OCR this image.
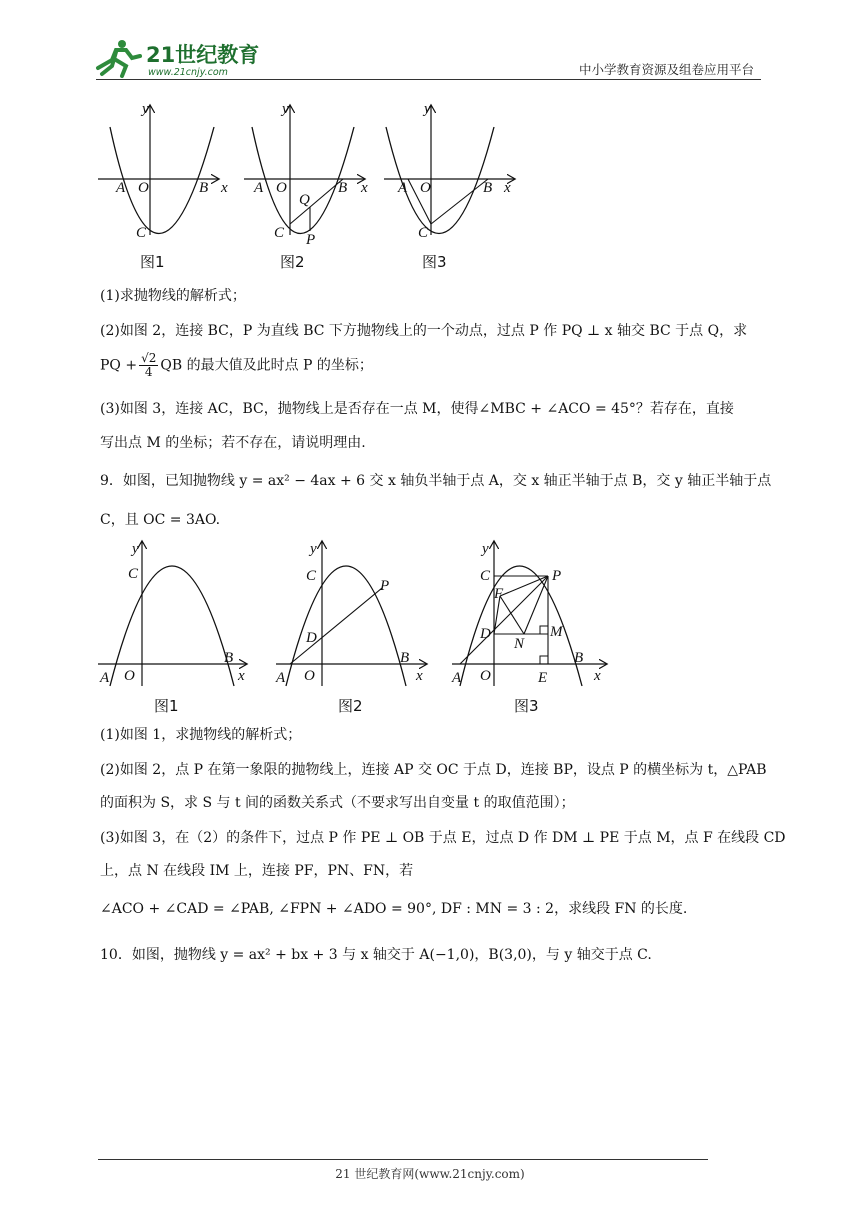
21世纪教育
www.21cnjy.com	中小学教育资源及组卷应用平台
A O	B x
y
C
图1
A O	B x
y
C
Q
P
图2
A O	B x
y
C
图3
(1)求抛物线的解析式；
(2)如图 2，连接 BC，P 为直线 BC 下方抛物线上的一个动点，过点 P 作 PQ ⊥ x 轴交 BC 于点 Q，求
PQ + $\frac{√2}{4}$ QB 的最大值及此时点 P 的坐标；
(3)如图 3，连接 AC，BC，抛物线上是否存在一点 M，使得∠MBC + ∠ACO = 45°？若存在，直接
写出点 M 的坐标；若不存在，请说明理由.
9．如图，已知抛物线 y = ax² − 4ax + 6 交 x 轴负半轴于点 A，交 x 轴正半轴于点 B，交 y 轴正半轴于点
C，且 OC = 3AO.
A O
B
x
y
C
图1
A O
B
x
y
C
D
P
图2
A O
B
x
y
C	P
F
D
N
M
E
图3
(1)如图 1，求抛物线的解析式；
(2)如图 2，点 P 在第一象限的抛物线上，连接 AP 交 OC 于点 D，连接 BP，设点 P 的横坐标为 t，△PAB
的面积为 S，求 S 与 t 间的函数关系式（不要求写出自变量 t 的取值范围）；
(3)如图 3，在（2）的条件下，过点 P 作 PE ⊥ OB 于点 E，过点 D 作 DM ⊥ PE 于点 M，点 F 在线段 CD
上，点 N 在线段 IM 上，连接 PF，PN、FN，若
∠ACO + ∠CAD = ∠PAB, ∠FPN + ∠ADO = 90°, DF : MN = 3 : 2，求线段 FN 的长度.
10．如图，抛物线 y = ax² + bx + 3 与 x 轴交于 A(−1,0)，B(3,0)，与 y 轴交于点 C.
21 世纪教育网(www.21cnjy.com)
